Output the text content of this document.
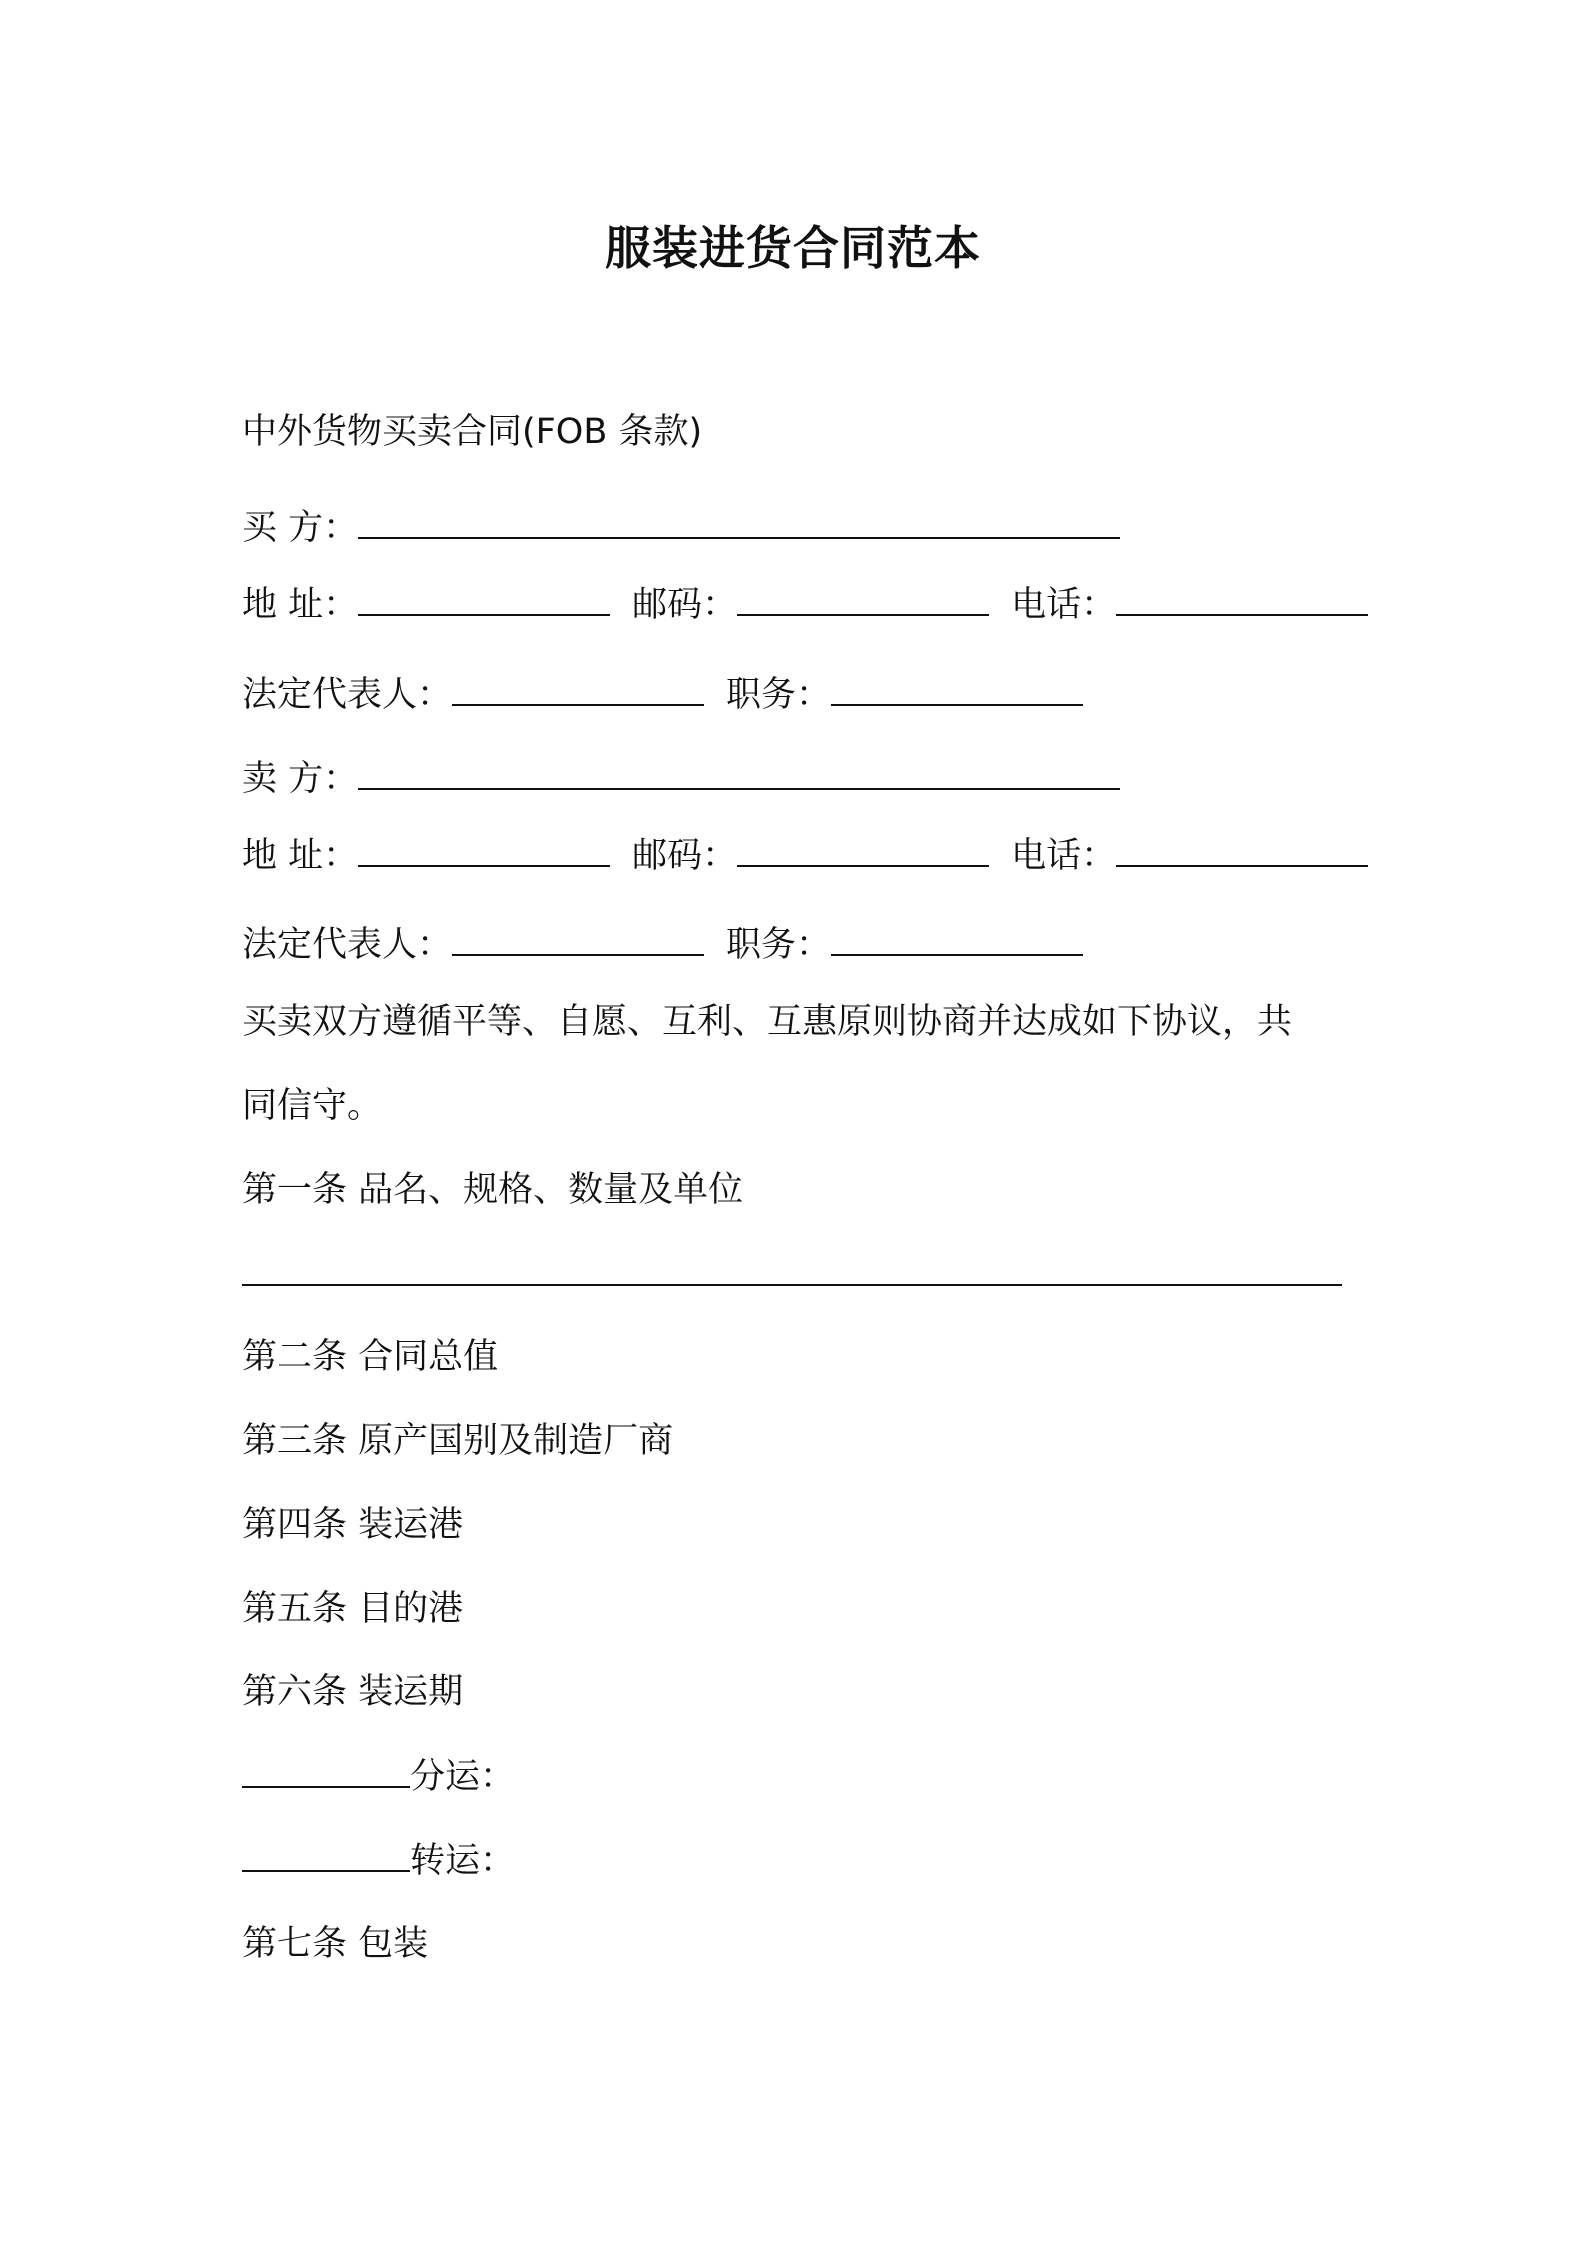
服装进货合同范本
中外货物买卖合同(FOB 条款)
买 方：
地 址：	邮码：	电话：
法定代表人：	职务：
卖 方：
地 址：	邮码：	电话：
法定代表人：	职务：
买卖双方遵循平等、自愿、互利、互惠原则协商并达成如下协议，共
同信守。
第一条 品名、规格、数量及单位
第二条 合同总值
第三条 原产国别及制造厂商
第四条 装运港
第五条 目的港
第六条 装运期
分运：
转运：
第七条 包装
